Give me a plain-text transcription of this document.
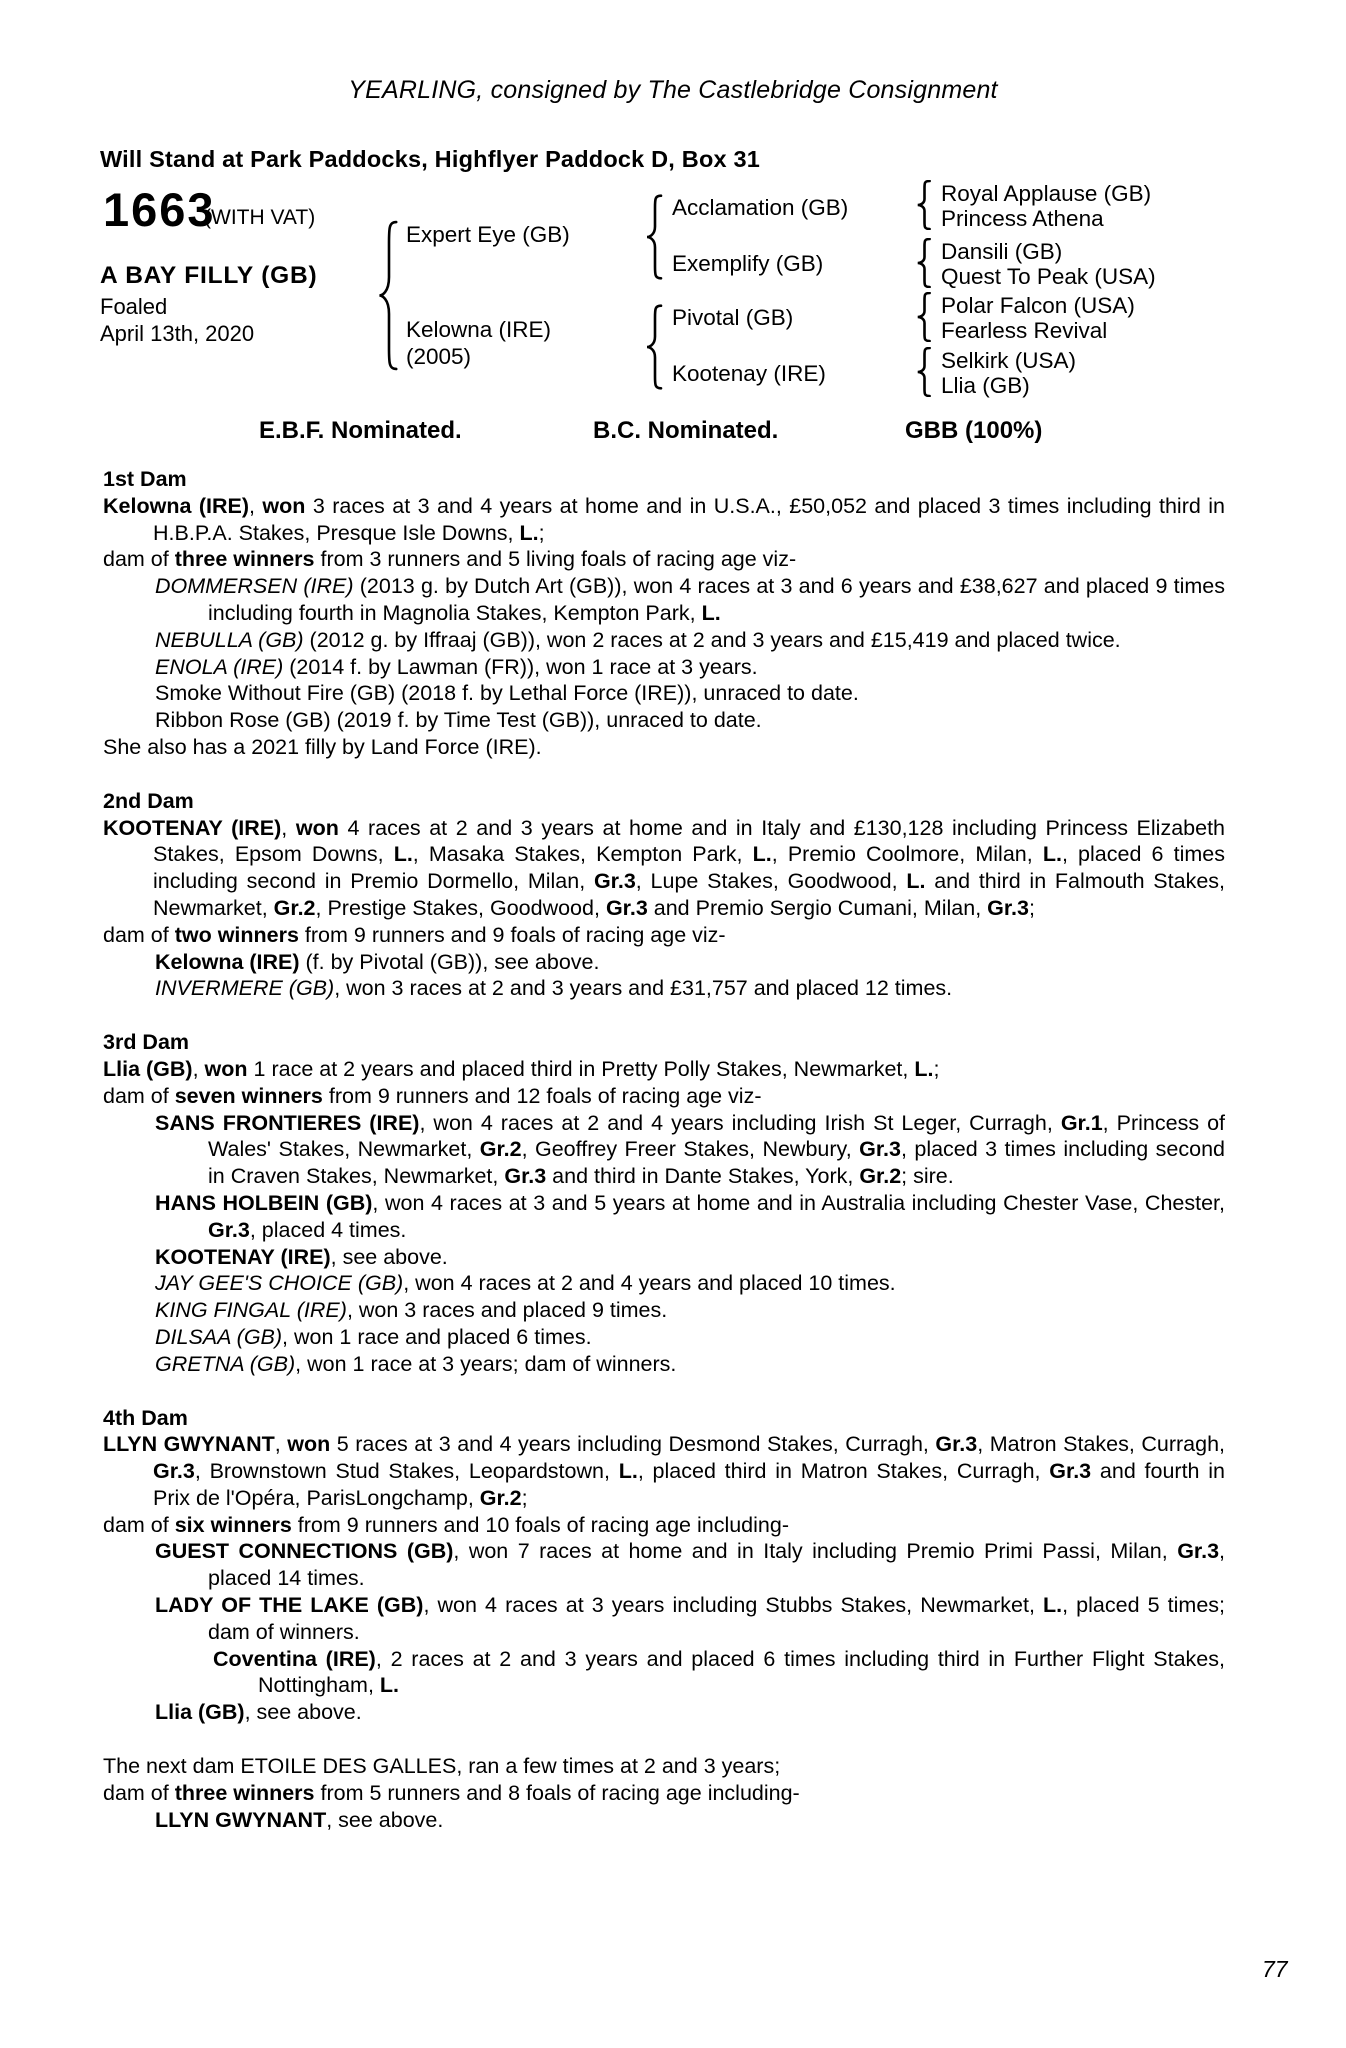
YEARLING, consigned by The Castlebridge Consignment
Will Stand at Park Paddocks, Highflyer Paddock D, Box 31
1663
(WITH VAT)
A BAY FILLY (GB)
Foaled
April 13th, 2020
Expert Eye (GB)
Kelowna (IRE)
(2005)
Acclamation (GB)
Exemplify (GB)
Pivotal (GB)
Kootenay (IRE)
Royal Applause (GB)
Princess Athena
Dansili (GB)
Quest To Peak (USA)
Polar Falcon (USA)
Fearless Revival
Selkirk (USA)
Llia (GB)
E.B.F. Nominated.	B.C. Nominated.	GBB (100%)

1st Dam

Kelowna (IRE), won 3 races at 3 and 4 years at home and in U.S.A., £50,052 and placed 3 times including third in H.B.P.A. Stakes, Presque Isle Downs, L.;

dam of three winners from 3 runners and 5 living foals of racing age viz-

DOMMERSEN (IRE) (2013 g. by Dutch Art (GB)), won 4 races at 3 and 6 years and £38,627 and placed 9 times including fourth in Magnolia Stakes, Kempton Park, L.

NEBULLA (GB) (2012 g. by Iffraaj (GB)), won 2 races at 2 and 3 years and £15,419 and placed twice.

ENOLA (IRE) (2014 f. by Lawman (FR)), won 1 race at 3 years.

Smoke Without Fire (GB) (2018 f. by Lethal Force (IRE)), unraced to date.

Ribbon Rose (GB) (2019 f. by Time Test (GB)), unraced to date.

She also has a 2021 filly by Land Force (IRE).

2nd Dam

KOOTENAY (IRE), won 4 races at 2 and 3 years at home and in Italy and £130,128 including Princess Elizabeth Stakes, Epsom Downs, L., Masaka Stakes, Kempton Park, L., Premio Coolmore, Milan, L., placed 6 times including second in Premio Dormello, Milan, Gr.3, Lupe Stakes, Goodwood, L. and third in Falmouth Stakes, Newmarket, Gr.2, Prestige Stakes, Goodwood, Gr.3 and Premio Sergio Cumani, Milan, Gr.3;

dam of two winners from 9 runners and 9 foals of racing age viz-

Kelowna (IRE) (f. by Pivotal (GB)), see above.

INVERMERE (GB), won 3 races at 2 and 3 years and £31,757 and placed 12 times.

3rd Dam

Llia (GB), won 1 race at 2 years and placed third in Pretty Polly Stakes, Newmarket, L.;

dam of seven winners from 9 runners and 12 foals of racing age viz-

SANS FRONTIERES (IRE), won 4 races at 2 and 4 years including Irish St Leger, Curragh, Gr.1, Princess of Wales' Stakes, Newmarket, Gr.2, Geoffrey Freer Stakes, Newbury, Gr.3, placed 3 times including second in Craven Stakes, Newmarket, Gr.3 and third in Dante Stakes, York, Gr.2; sire.

HANS HOLBEIN (GB), won 4 races at 3 and 5 years at home and in Australia including Chester Vase, Chester, Gr.3, placed 4 times.

KOOTENAY (IRE), see above.

JAY GEE'S CHOICE (GB), won 4 races at 2 and 4 years and placed 10 times.

KING FINGAL (IRE), won 3 races and placed 9 times.

DILSAA (GB), won 1 race and placed 6 times.

GRETNA (GB), won 1 race at 3 years; dam of winners.

4th Dam

LLYN GWYNANT, won 5 races at 3 and 4 years including Desmond Stakes, Curragh, Gr.3, Matron Stakes, Curragh, Gr.3, Brownstown Stud Stakes, Leopardstown, L., placed third in Matron Stakes, Curragh, Gr.3 and fourth in Prix de l'Opéra, ParisLongchamp, Gr.2;

dam of six winners from 9 runners and 10 foals of racing age including-

GUEST CONNECTIONS (GB), won 7 races at home and in Italy including Premio Primi Passi, Milan, Gr.3, placed 14 times.

LADY OF THE LAKE (GB), won 4 races at 3 years including Stubbs Stakes, Newmarket, L., placed 5 times; dam of winners.

Coventina (IRE), 2 races at 2 and 3 years and placed 6 times including third in Further Flight Stakes, Nottingham, L.

Llia (GB), see above.

The next dam ETOILE DES GALLES, ran a few times at 2 and 3 years;

dam of three winners from 5 runners and 8 foals of racing age including-

LLYN GWYNANT, see above.

77
